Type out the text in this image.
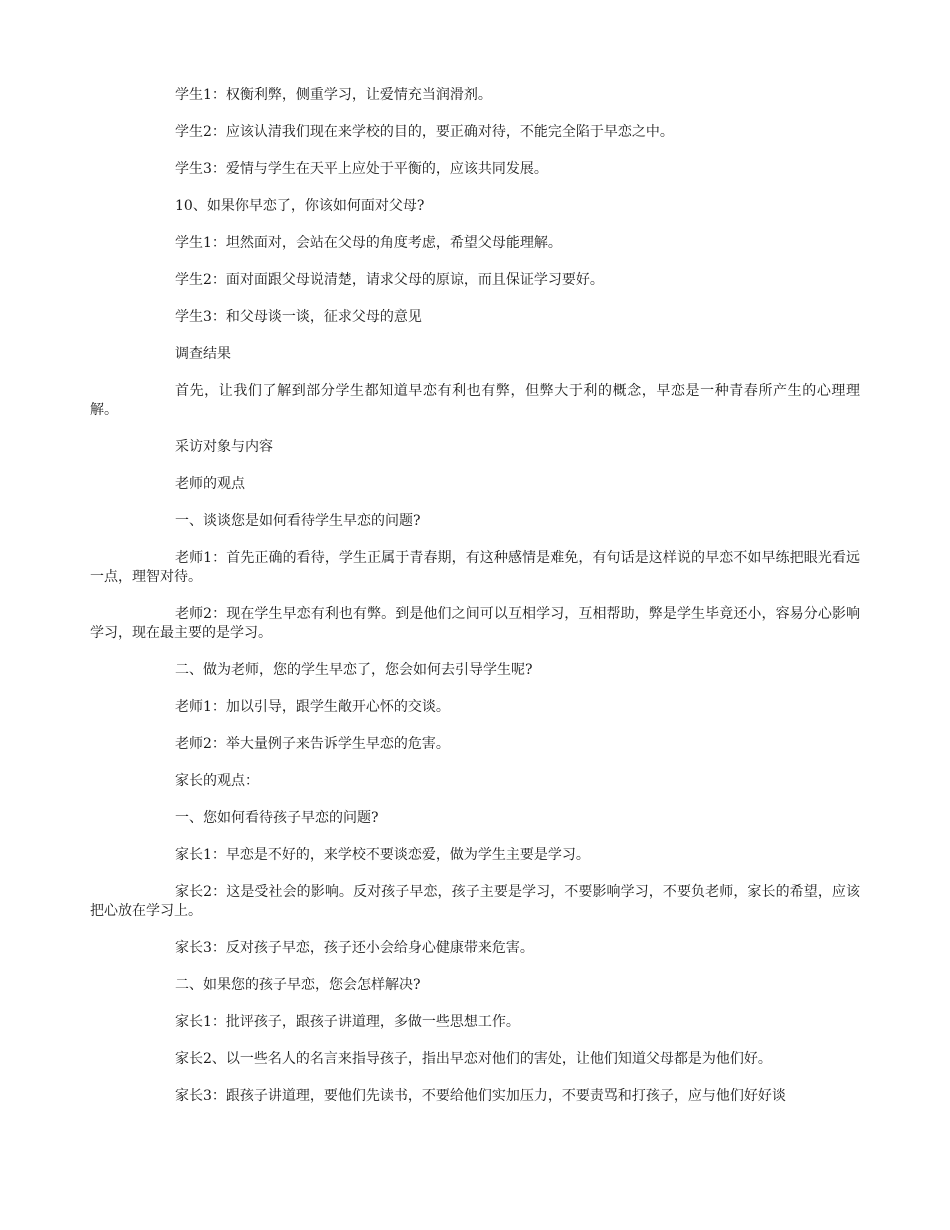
学生1：权衡利弊，侧重学习，让爱情充当润滑剂。

学生2：应该认清我们现在来学校的目的，要正确对待，不能完全陷于早恋之中。

学生3：爱情与学生在天平上应处于平衡的，应该共同发展。

10、如果你早恋了，你该如何面对父母?

学生1：坦然面对，会站在父母的角度考虑，希望父母能理解。

学生2：面对面跟父母说清楚，请求父母的原谅，而且保证学习要好。

学生3：和父母谈一谈，征求父母的意见

调查结果

首先，让我们了解到部分学生都知道早恋有利也有弊，但弊大于利的概念，早恋是一种青春所产生的心理理解。

采访对象与内容

老师的观点

一、谈谈您是如何看待学生早恋的问题?

老师1：首先正确的看待，学生正属于青春期，有这种感情是难免，有句话是这样说的早恋不如早练把眼光看远一点，理智对待。

老师2：现在学生早恋有利也有弊。到是他们之间可以互相学习，互相帮助，弊是学生毕竟还小，容易分心影响学习，现在最主要的是学习。

二、做为老师，您的学生早恋了，您会如何去引导学生呢?

老师1：加以引导，跟学生敞开心怀的交谈。

老师2：举大量例子来告诉学生早恋的危害。

家长的观点：

一、您如何看待孩子早恋的问题?

家长1：早恋是不好的，来学校不要谈恋爱，做为学生主要是学习。

家长2：这是受社会的影响。反对孩子早恋，孩子主要是学习，不要影响学习，不要负老师，家长的希望，应该把心放在学习上。

家长3：反对孩子早恋，孩子还小会给身心健康带来危害。

二、如果您的孩子早恋，您会怎样解决?

家长1：批评孩子，跟孩子讲道理，多做一些思想工作。

家长2、以一些名人的名言来指导孩子，指出早恋对他们的害处，让他们知道父母都是为他们好。

家长3：跟孩子讲道理，要他们先读书，不要给他们实加压力，不要责骂和打孩子，应与他们好好谈
